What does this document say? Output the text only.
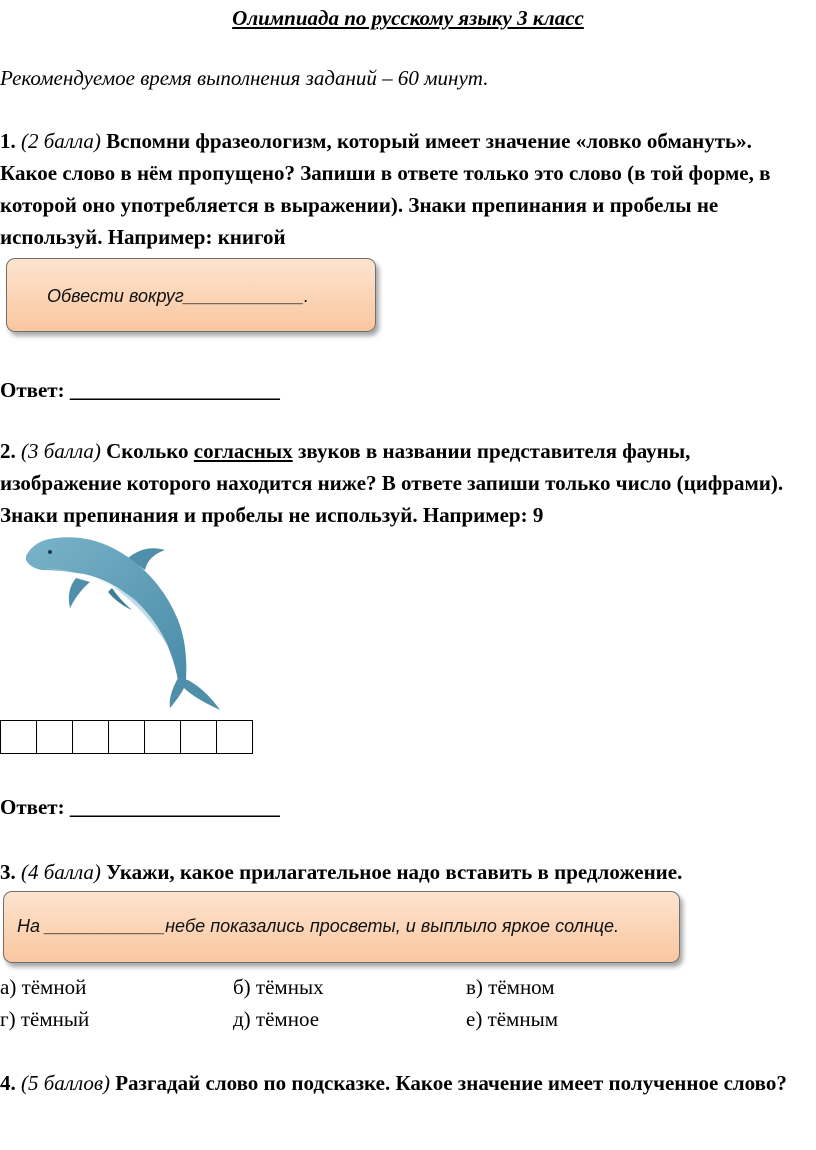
Олимпиада по русскому языку 3 класс
Рекомендуемое время выполнения заданий – 60 минут.
1. (2 балла) Вспомни фразеологизм, который имеет значение «ловко обмануть». Какое слово в нём пропущено? Запиши в ответе только это слово (в той форме, в которой оно употребляется в выражении). Знаки препинания и пробелы не используй. Например: книгой
Обвести вокруг____________.
Ответ: ____________________
2. (3 балла) Сколько согласных звуков в названии представителя фауны, изображение которого находится ниже? В ответе запиши только число (цифрами). Знаки препинания и пробелы не используй. Например: 9
Ответ: ____________________
3. (4 балла) Укажи, какое прилагательное надо вставить в предложение.
На ____________небе показались просветы, и выплыло яркое солнце.
а) тёмной	б) тёмных	в) тёмном
г) тёмный	д) тёмное	е) тёмным
4. (5 баллов) Разгадай слово по подсказке. Какое значение имеет полученное слово?
